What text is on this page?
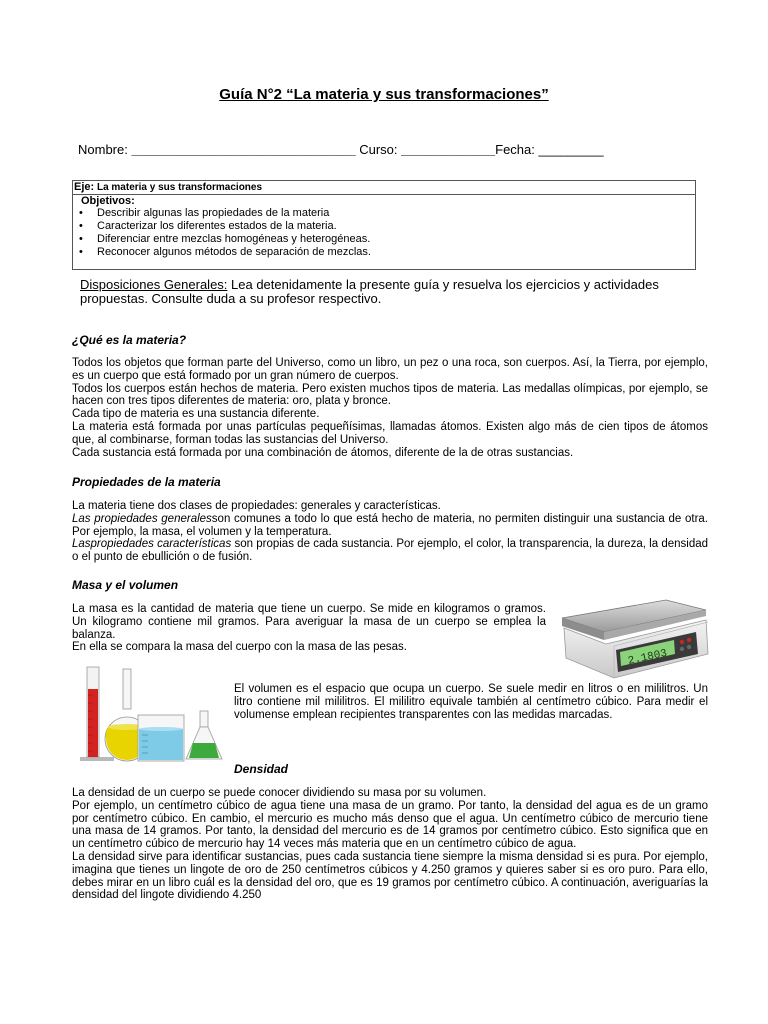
Guía N°2 “La materia y sus transformaciones”
Nombre: _______________________________ Curso: _____________Fecha: _________
Eje: La materia y sus transformaciones
Objetivos:
• Describir algunas las propiedades de la materia
• Caracterizar los diferentes estados de la materia.
• Diferenciar entre mezclas homogéneas y heterogéneas.
• Reconocer algunos métodos de separación de mezclas.
Disposiciones Generales: Lea detenidamente la presente guía y resuelva los ejercicios y actividades propuestas. Consulte duda a su profesor respectivo.
¿Qué es la materia?
Todos los objetos que forman parte del Universo, como un libro, un pez o una roca, son cuerpos. Así, la Tierra, por ejemplo, es un cuerpo que está formado por un gran número de cuerpos.
Todos los cuerpos están hechos de materia. Pero existen muchos tipos de materia. Las medallas olímpicas, por ejemplo, se hacen con tres tipos diferentes de materia: oro, plata y bronce.
Cada tipo de materia es una sustancia diferente.
La materia está formada por unas partículas pequeñísimas, llamadas átomos. Existen algo más de cien tipos de átomos que, al combinarse, forman todas las sustancias del Universo.
Cada sustancia está formada por una combinación de átomos, diferente de la de otras sustancias.
Propiedades de la materia
La materia tiene dos clases de propiedades: generales y características.
Las propiedades generalesson comunes a todo lo que está hecho de materia, no permiten distinguir una sustancia de otra. Por ejemplo, la masa, el volumen y la temperatura.
Laspropiedades características son propias de cada sustancia. Por ejemplo, el color, la transparencia, la dureza, la densidad o el punto de ebullición o de fusión.
Masa y el volumen
La masa es la cantidad de materia que tiene un cuerpo. Se mide en kilogramos o gramos. Un kilogramo contiene mil gramos. Para averiguar la masa de un cuerpo se emplea la balanza.
En ella se compara la masa del cuerpo con la masa de las pesas.
2.1803
El volumen es el espacio que ocupa un cuerpo. Se suele medir en litros o en mililitros. Un litro contiene mil mililitros. El mililitro equivale también al centímetro cúbico. Para medir el volumense emplean recipientes transparentes con las medidas marcadas.
Densidad
La densidad de un cuerpo se puede conocer dividiendo su masa por su volumen.
Por ejemplo, un centímetro cúbico de agua tiene una masa de un gramo. Por tanto, la densidad del agua es de un gramo por centímetro cúbico. En cambio, el mercurio es mucho más denso que el agua. Un centímetro cúbico de mercurio tiene una masa de 14 gramos. Por tanto, la densidad del mercurio es de 14 gramos por centímetro cúbico. Esto significa que en un centímetro cúbico de mercurio hay 14 veces más materia que en un centímetro cúbico de agua.
La densidad sirve para identificar sustancias, pues cada sustancia tiene siempre la misma densidad si es pura. Por ejemplo, imagina que tienes un lingote de oro de 250 centímetros cúbicos y 4.250 gramos y quieres saber si es oro puro. Para ello, debes mirar en un libro cuál es la densidad del oro, que es 19 gramos por centímetro cúbico. A continuación, averiguarías la densidad del lingote dividiendo 4.250
